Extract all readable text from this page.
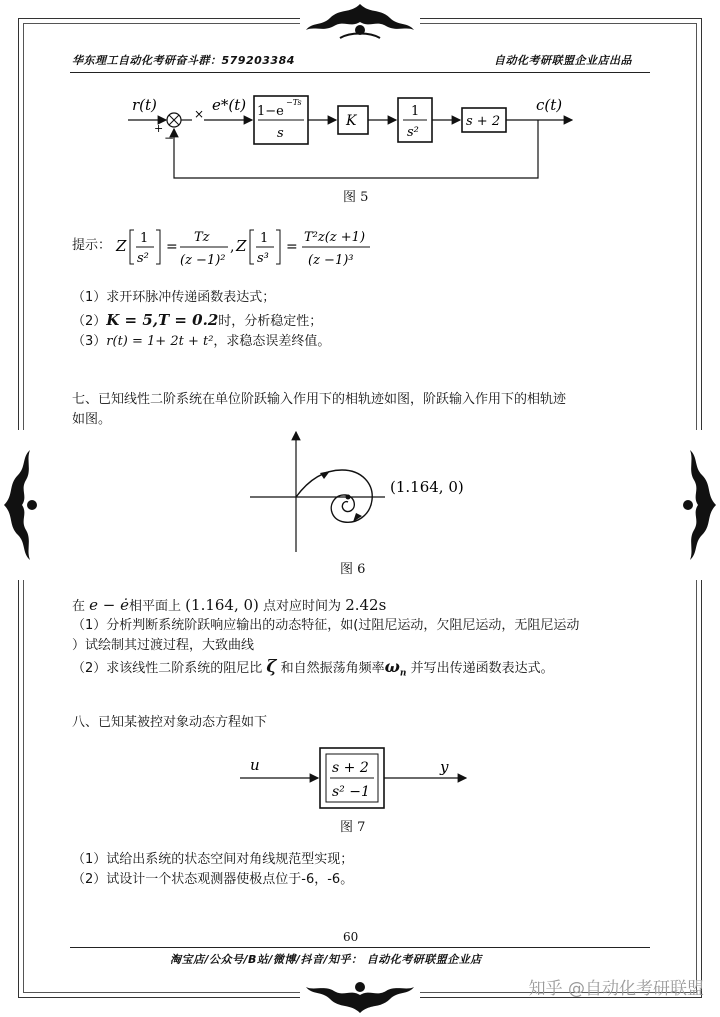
华东理工自动化考研奋斗群：579203384	自动化考研联盟企业店出品
r(t)
+
−
× e*(t) 1−e
−Ts
s
K
1
s²
s + 2
c(t)
图 5
提示： Z 1
s²
=
Tz
(z −1)²
, Z 1
s³
=
T²z(z +1)
(z −1)³
（1）求开环脉冲传递函数表达式；
（2）K = 5,T = 0.2时，分析稳定性；
（3）r(t) = 1+ 2t + t²，求稳态误差终值。
七、已知线性二阶系统在单位阶跃输入作用下的相轨迹如图，阶跃输入作用下的相轨迹
如图。
(1.164, 0)
图 6
在 e − ė相平面上 (1.164, 0) 点对应时间为 2.42s
（1）分析判断系统阶跃响应输出的动态特征，如(过阻尼运动，欠阻尼运动，无阻尼运动
）试绘制其过渡过程，大致曲线
（2）求该线性二阶系统的阻尼比 ζ 和自然振荡角频率$\omega_n$ 并写出传递函数表达式。
八、已知某被控对象动态方程如下
u	s + 2
s² −1
y
图 7
（1）试给出系统的状态空间对角线规范型实现；
（2）试设计一个状态观测器使极点位于-6，-6。
60
淘宝店/公众号/B站/微博/抖音/知乎： 自动化考研联盟企业店
知乎 @自动化考研联盟
